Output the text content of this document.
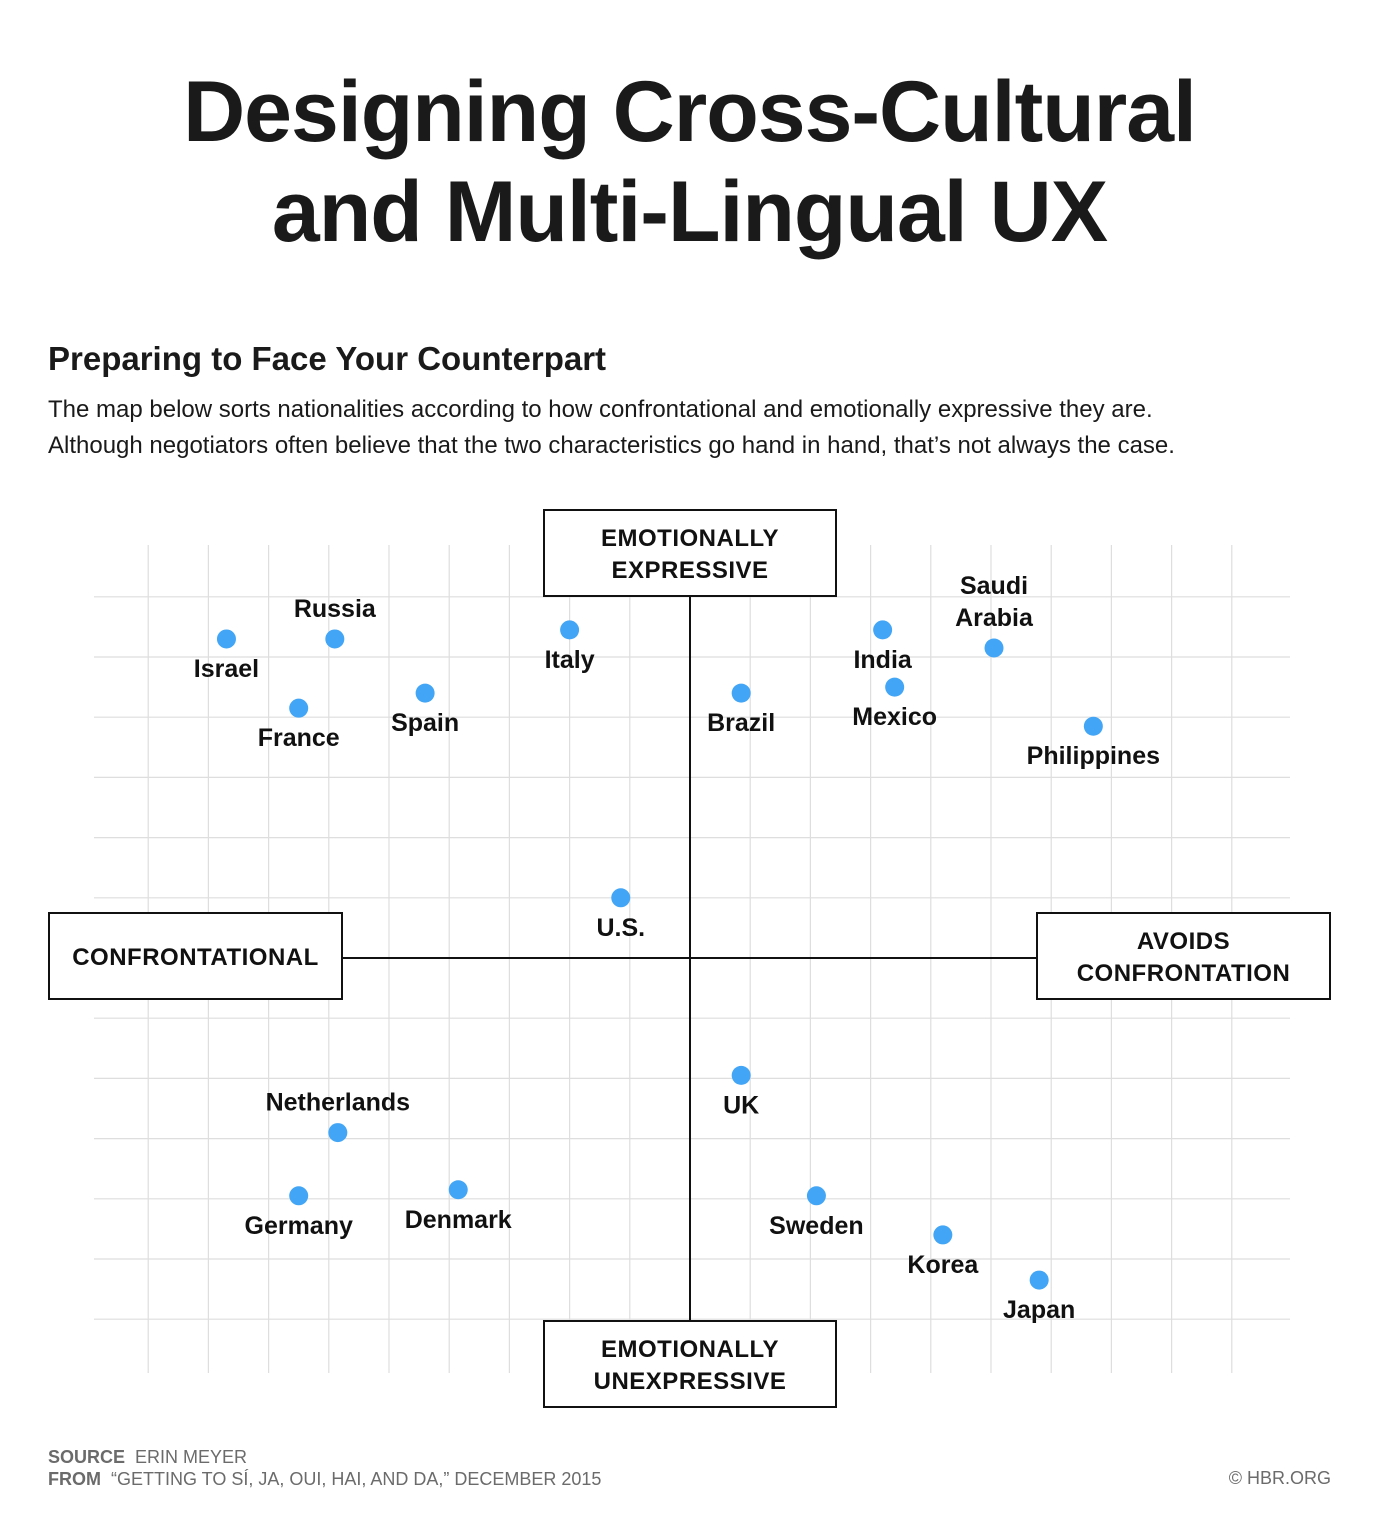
Designing Cross-Cultural
and Multi-Lingual UX
Preparing to Face Your Counterpart
The map below sorts nationalities according to how confrontational and emotionally expressive they are.
Although negotiators often believe that the two characteristics go hand in hand, that’s not always the case.
EMOTIONALLY
EXPRESSIVE
EMOTIONALLY
UNEXPRESSIVE
CONFRONTATIONAL
AVOIDS
CONFRONTATION
Israel
Russia
France
Spain
Italy
Brazil
India
Mexico
Saudi
Arabia
Philippines
U.S.
UK
Netherlands
Germany Denmark	Sweden
Korea
Japan
SOURCE ERIN MEYER
FROM “GETTING TO SÍ, JA, OUI, HAI, AND DA,” DECEMBER 2015	© HBR.ORG
